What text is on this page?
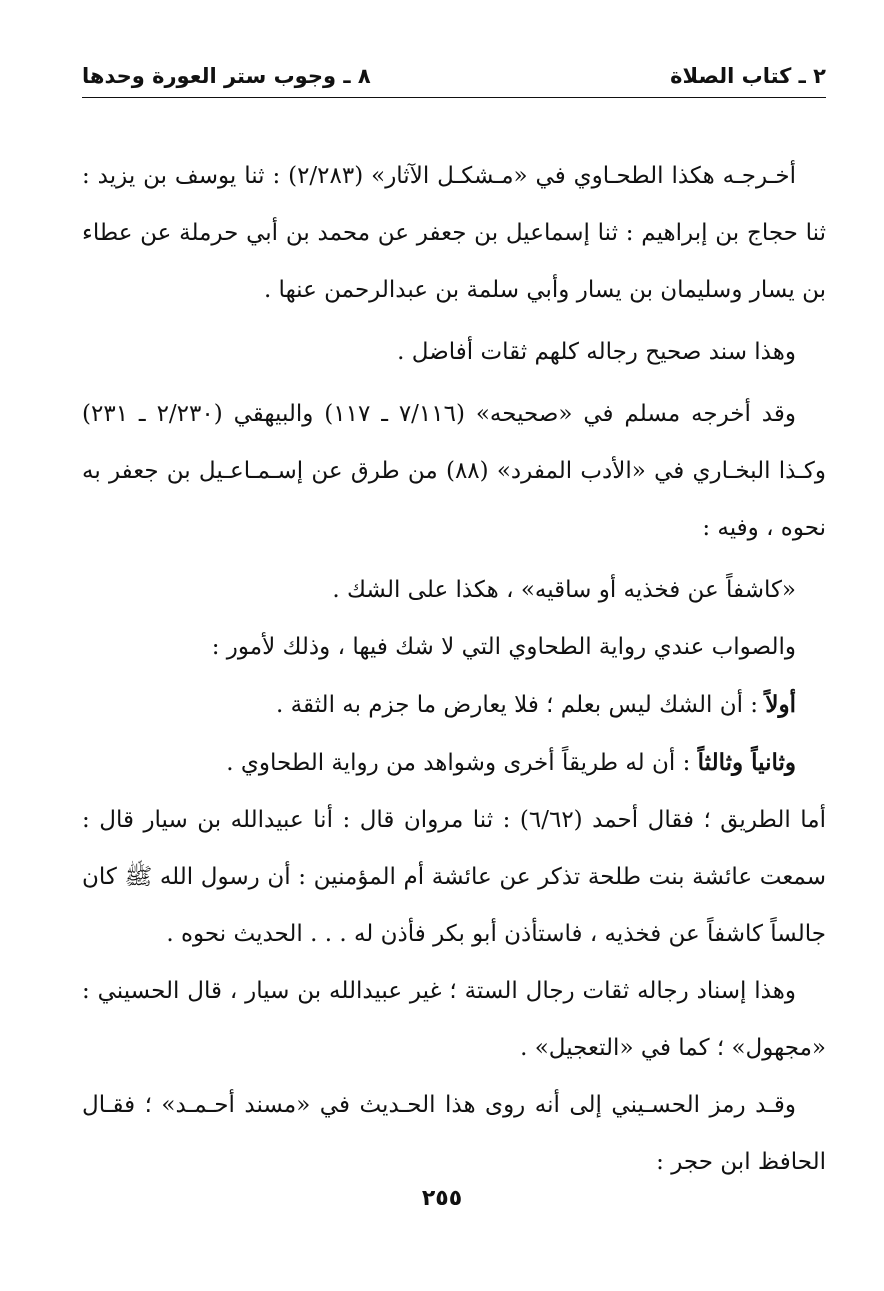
٢ ـ كتاب الصلاة
٨ ـ وجوب ستر العورة وحدها

أخـرجـه هكذا الطحـاوي في «مـشكـل الآثار» (٢/٢٨٣) : ثنا يوسف بن يزيد : ثنا حجاج بن إبراهيم : ثنا إسماعيل بن جعفر عن محمد بن أبي حرملة عن عطاء بن يسار وسليمان بن يسار وأبي سلمة بن عبدالرحمن عنها .

وهذا سند صحيح رجاله كلهم ثقات أفاضل .

وقد أخرجه مسلم في «صحيحه» (٧/١١٦ ـ ١١٧) والبيهقي (٢/٢٣٠ ـ ٢٣١) وكـذا البخـاري في «الأدب المفرد» (٨٨) من طرق عن إسـمـاعـيل بن جعفر به نحوه ، وفيه :

«كاشفاً عن فخذيه أو ساقيه» ، هكذا على الشك .

والصواب عندي رواية الطحاوي التي لا شك فيها ، وذلك لأمور :

أولاً : أن الشك ليس بعلم ؛ فلا يعارض ما جزم به الثقة .

وثانياً وثالثاً : أن له طريقاً أخرى وشواهد من رواية الطحاوي .

أما الطريق ؛ فقال أحمد (٦/٦٢) : ثنا مروان قال : أنا عبيدالله بن سيار قال : سمعت عائشة بنت طلحة تذكر عن عائشة أم المؤمنين : أن رسول الله ﷺ كان جالساً كاشفاً عن فخذيه ، فاستأذن أبو بكر فأذن له . . . الحديث نحوه .

وهذا إسناد رجاله ثقات رجال الستة ؛ غير عبيدالله بن سيار ، قال الحسيني : «مجهول» ؛ كما في «التعجيل» .

وقـد رمز الحسـيني إلى أنه روى هذا الحـديث في «مسند أحـمـد» ؛ فقـال الحافظ ابن حجر :

٢٥٥
